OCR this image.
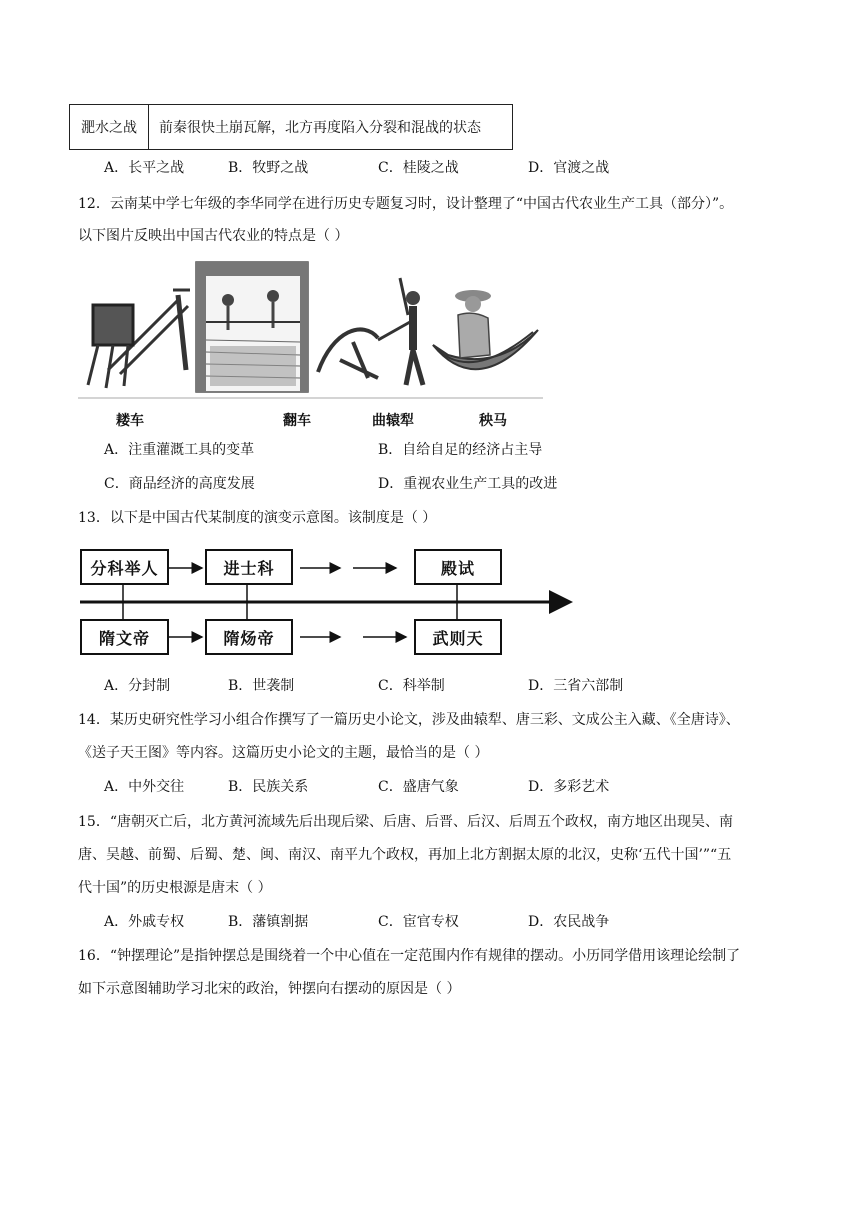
淝水之战	前秦很快土崩瓦解，北方再度陷入分裂和混战的状态
A．长平之战	B．牧野之战	C．桂陵之战	D．官渡之战
12．云南某中学七年级的李华同学在进行历史专题复习时，设计整理了“中国古代农业生产工具（部分）”。
以下图片反映出中国古代农业的特点是（ ）
耧车	翻车	曲辕犁	秧马
A．注重灌溉工具的变革	B．自给自足的经济占主导
C．商品经济的高度发展	D．重视农业生产工具的改进
13．以下是中国古代某制度的演变示意图。该制度是（ ）
分科举人	进士科	殿试
隋文帝	隋炀帝	武则天
A．分封制	B．世袭制	C．科举制	D．三省六部制
14．某历史研究性学习小组合作撰写了一篇历史小论文，涉及曲辕犁、唐三彩、文成公主入藏、《全唐诗》、
《送子天王图》等内容。这篇历史小论文的主题，最恰当的是（ ）
A．中外交往	B．民族关系	C．盛唐气象	D．多彩艺术
15．“唐朝灭亡后，北方黄河流域先后出现后梁、后唐、后晋、后汉、后周五个政权，南方地区出现吴、南
唐、吴越、前蜀、后蜀、楚、闽、南汉、南平九个政权，再加上北方割据太原的北汉，史称‘五代十国’”“五
代十国”的历史根源是唐末（ ）
A．外戚专权	B．藩镇割据	C．宦官专权	D．农民战争
16．“钟摆理论”是指钟摆总是围绕着一个中心值在一定范围内作有规律的摆动。小历同学借用该理论绘制了
如下示意图辅助学习北宋的政治，钟摆向右摆动的原因是（ ）
